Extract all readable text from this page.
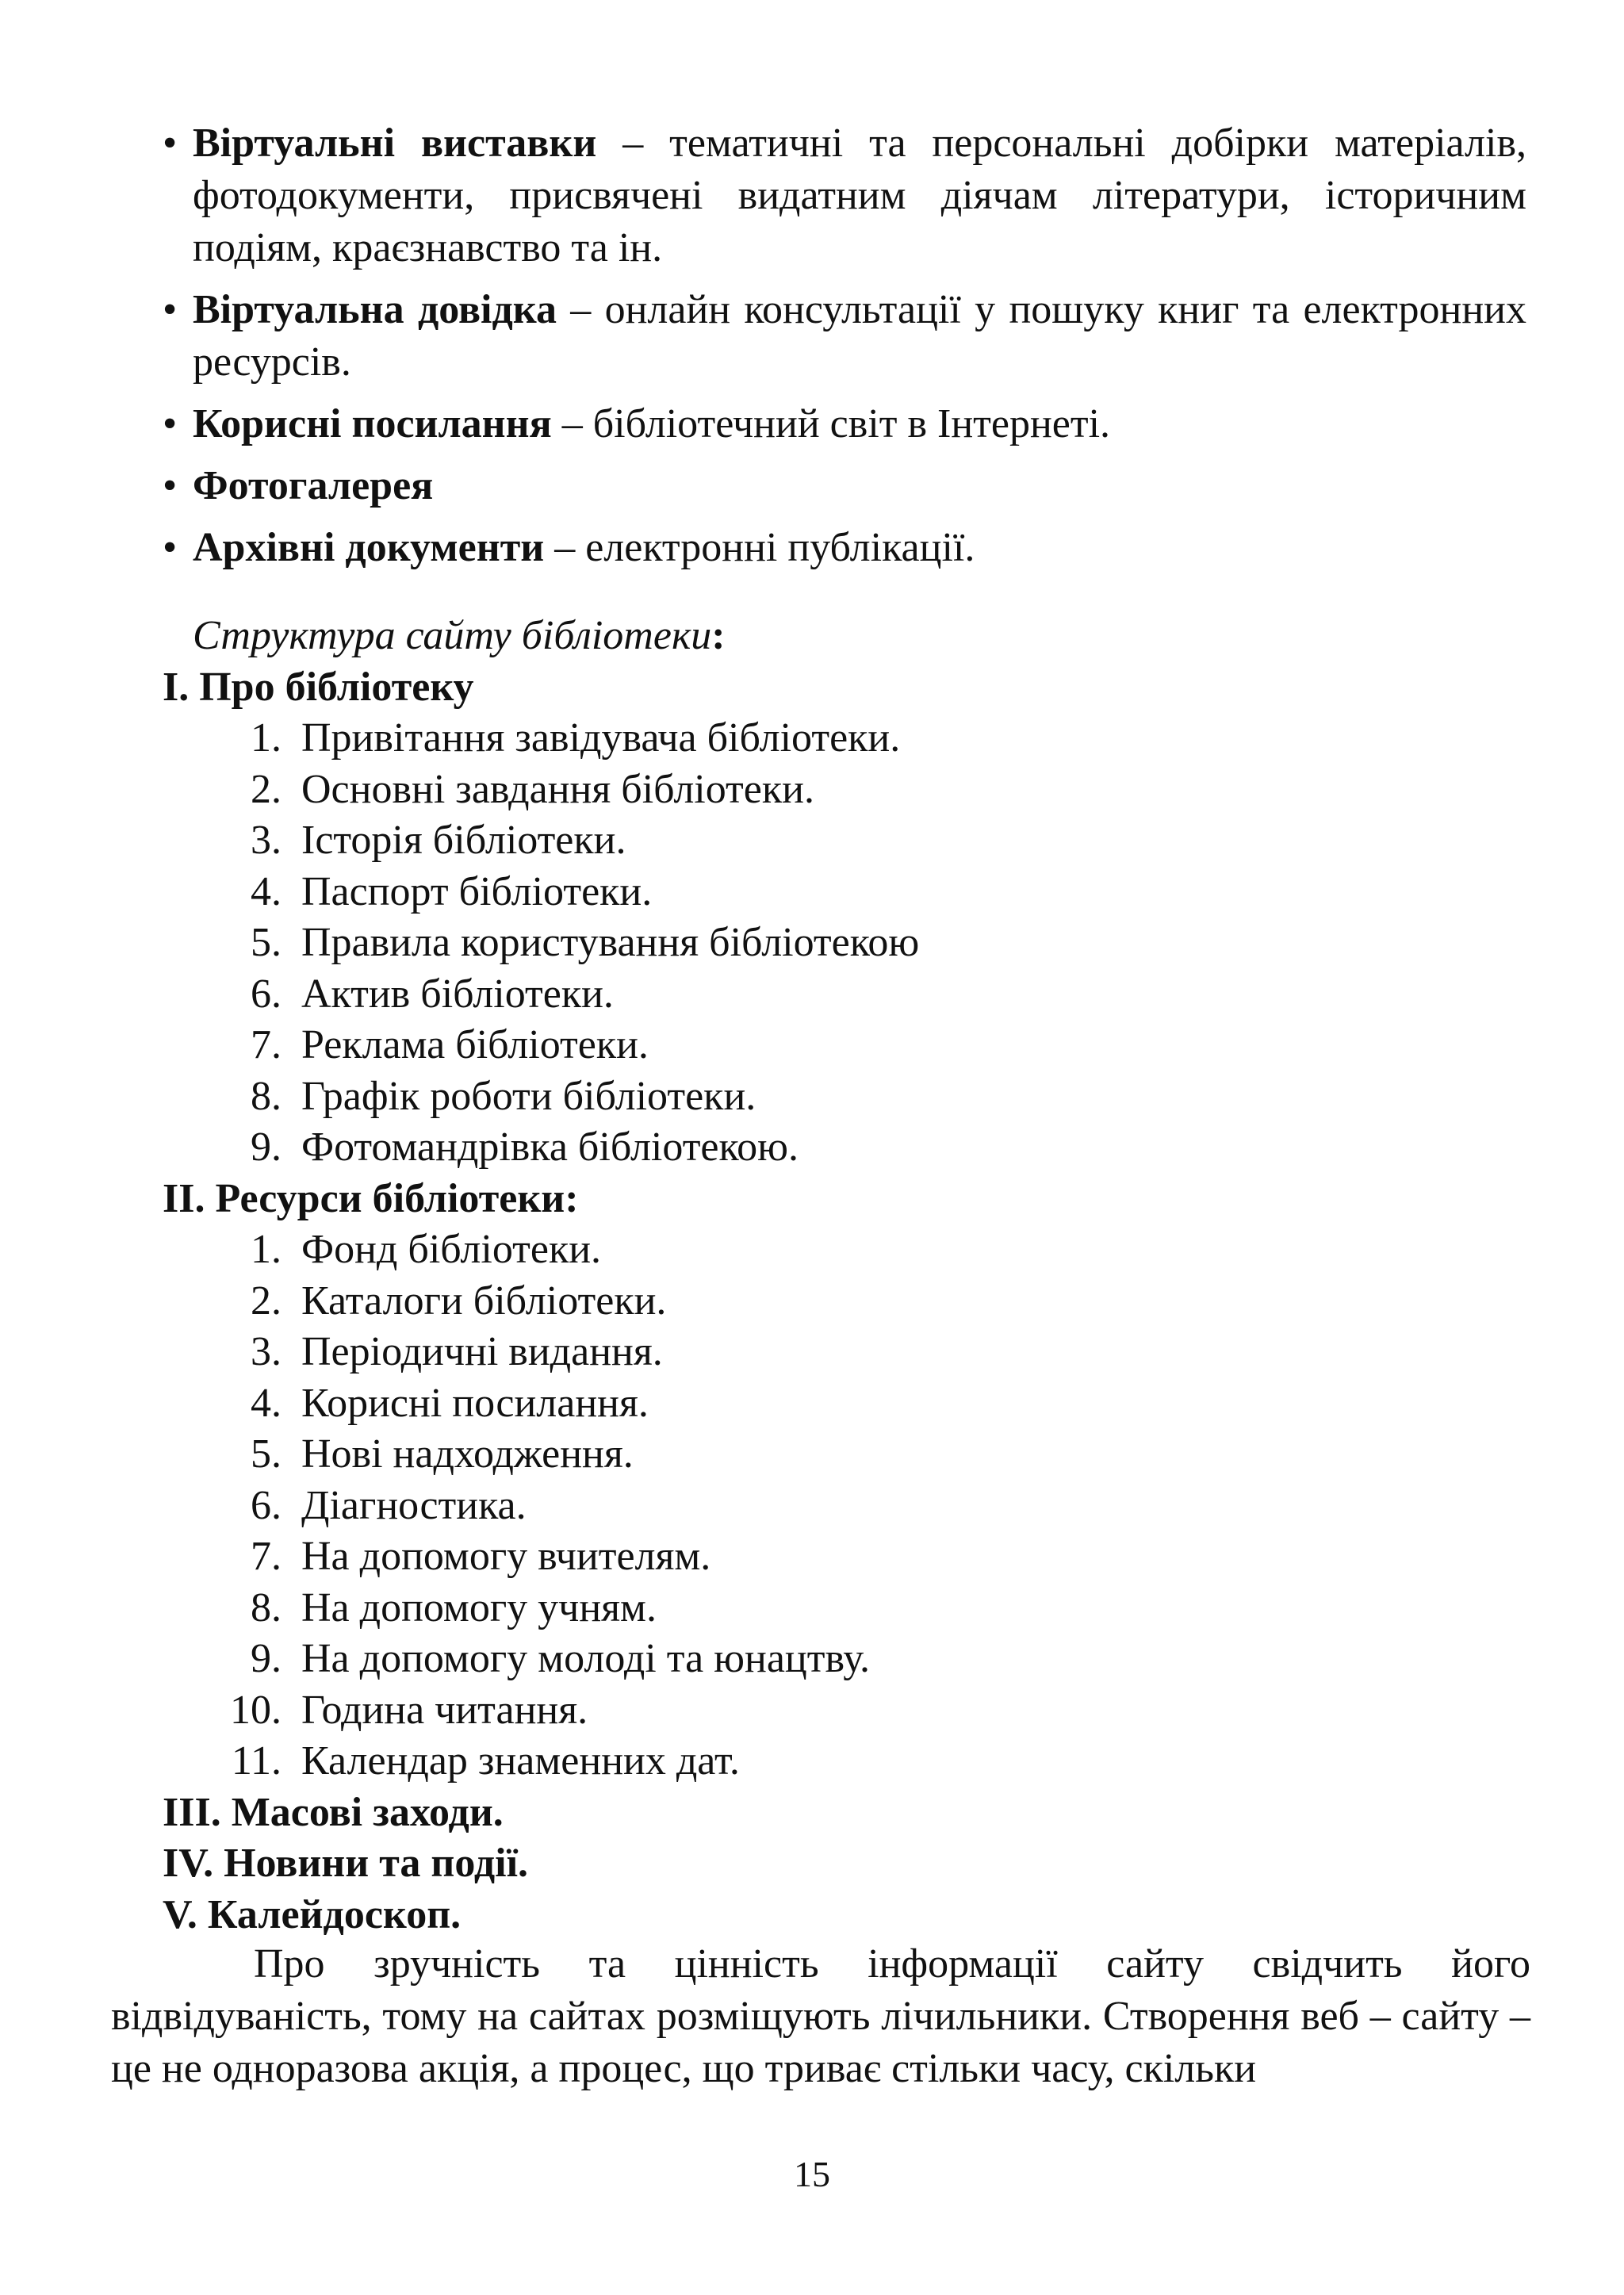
• Віртуальні виставки – тематичні та персональні добірки матеріалів, фотодокументи, присвячені видатним діячам літератури, історичним подіям, краєзнавство та ін.
• Віртуальна довідка – онлайн консультації у пошуку книг та електронних ресурсів.
• Корисні посилання – бібліотечний світ в Інтернеті.
• Фотогалерея
• Архівні документи – електронні публікації.
Структура сайту бібліотеки:
I. Про бібліотеку
1. Привітання завідувача бібліотеки.
2. Основні завдання бібліотеки.
3. Історія бібліотеки.
4. Паспорт бібліотеки.
5. Правила користування бібліотекою
6. Актив бібліотеки.
7. Реклама бібліотеки.
8. Графік роботи бібліотеки.
9. Фотомандрівка бібліотекою.
II. Ресурси бібліотеки:
1. Фонд бібліотеки.
2. Каталоги бібліотеки.
3. Періодичні видання.
4. Корисні посилання.
5. Нові надходження.
6. Діагностика.
7. На допомогу вчителям.
8. На допомогу учням.
9. На допомогу молоді та юнацтву.
10. Година читання.
11. Календар знаменних дат.
III. Масові заходи.
IV. Новини та події.
V. Калейдоскоп.
Про зручність та цінність інформації сайту свідчить його відвідуваність, тому на сайтах розміщують лічильники. Створення веб – сайту – це не одноразова акція, а процес, що триває стільки часу, скільки
15
